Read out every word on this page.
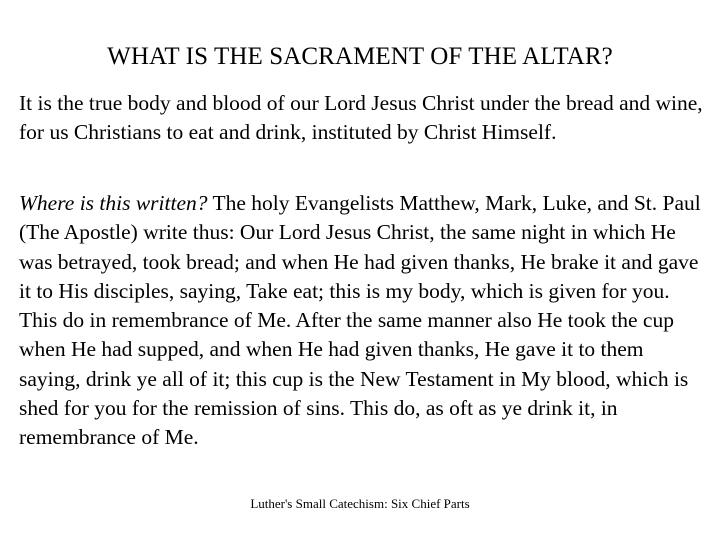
WHAT IS THE SACRAMENT OF THE ALTAR?
It is the true body and blood of our Lord Jesus Christ under the bread and wine, for us Christians to eat and drink, instituted by Christ Himself.
Where is this written? The holy Evangelists Matthew, Mark, Luke, and St. Paul (The Apostle) write thus: Our Lord Jesus Christ, the same night in which He was betrayed, took bread; and when He had given thanks, He brake it and gave it to His disciples, saying, Take eat; this is my body, which is given for you. This do in remembrance of Me. After the same manner also He took the cup when He had supped, and when He had given thanks, He gave it to them saying, drink ye all of it; this cup is the New Testament in My blood, which is shed for you for the remission of sins. This do, as oft as ye drink it, in remembrance of Me.
Luther's Small Catechism: Six Chief Parts
